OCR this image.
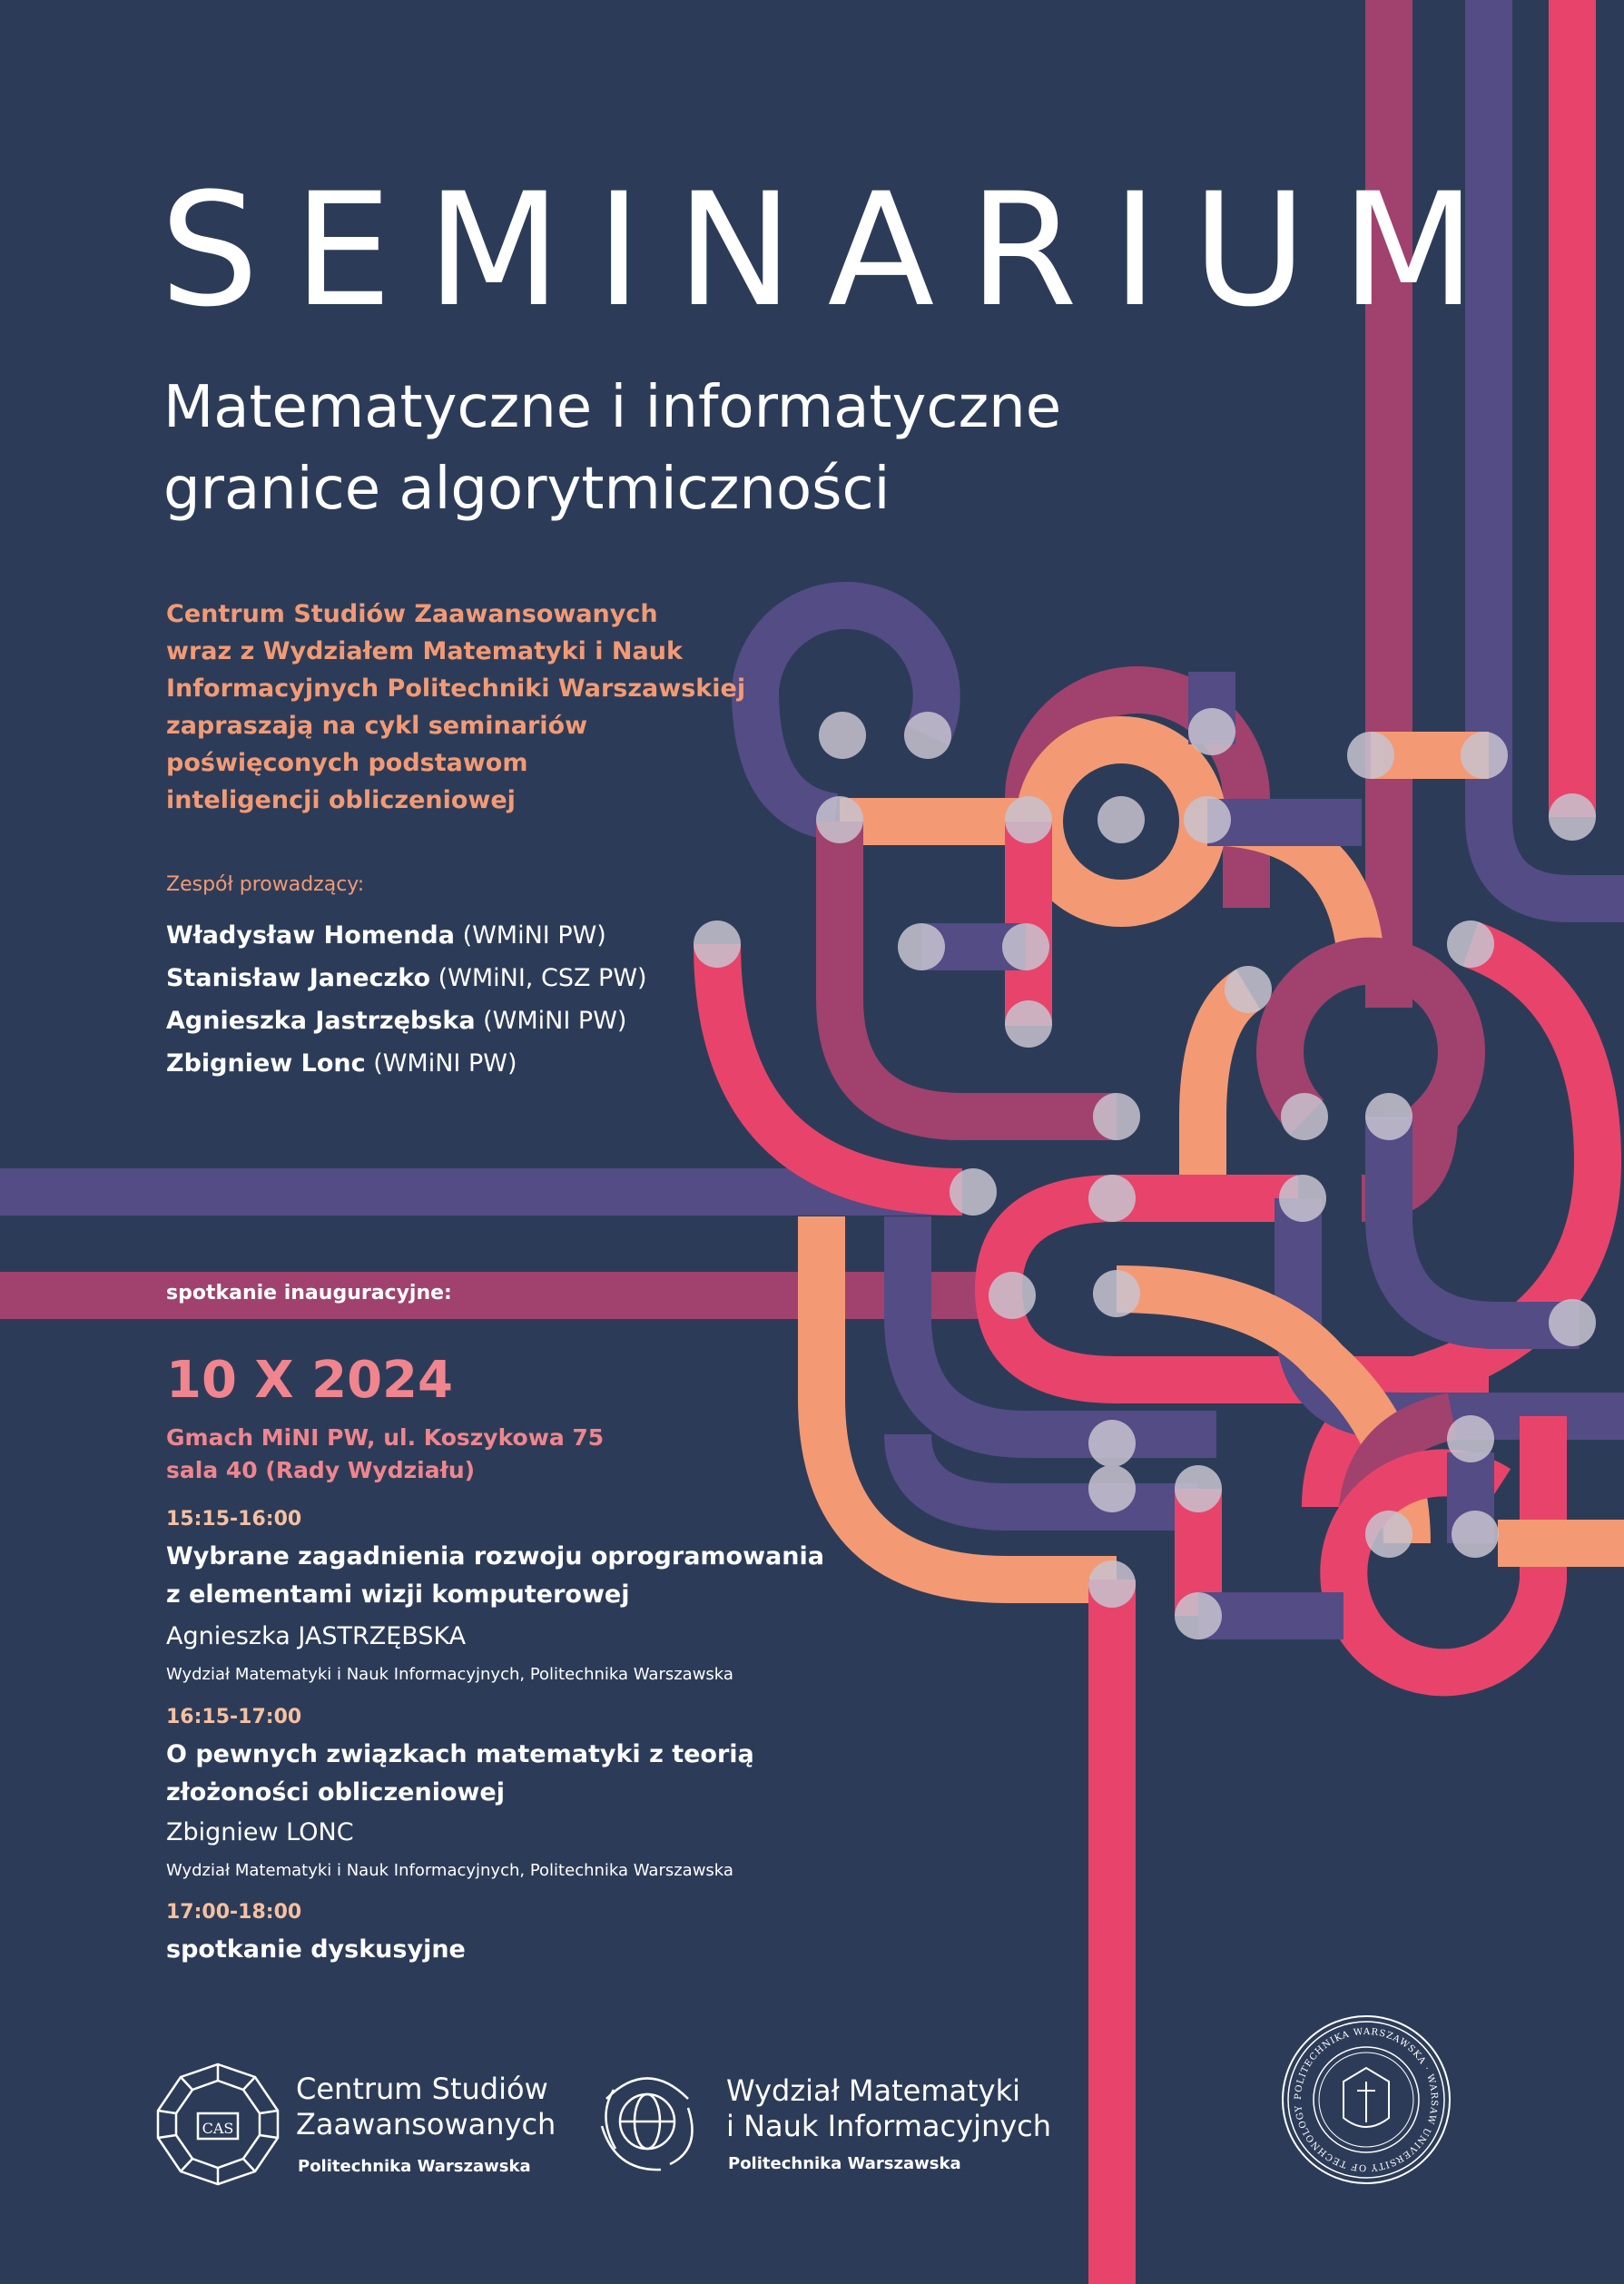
SEMINARIUM
Matematyczne i informatyczne
granice algorytmiczności
Centrum Studiów Zaawansowanych
wraz z Wydziałem Matematyki i Nauk
Informacyjnych Politechniki Warszawskiej
zapraszają na cykl seminariów
poświęconych podstawom
inteligencji obliczeniowej
Zespół prowadzący:
Władysław Homenda (WMiNI PW)
Stanisław Janeczko (WMiNI, CSZ PW)
Agnieszka Jastrzębska (WMiNI PW)
Zbigniew Lonc (WMiNI PW)
spotkanie inauguracyjne:
10 X 2024
Gmach MiNI PW, ul. Koszykowa 75
sala 40 (Rady Wydziału)
15:15-16:00
Wybrane zagadnienia rozwoju oprogramowania
z elementami wizji komputerowej
Agnieszka JASTRZĘBSKA
Wydział Matematyki i Nauk Informacyjnych, Politechnika Warszawska
16:15-17:00
O pewnych związkach matematyki z teorią
złożoności obliczeniowej
Zbigniew LONC
Wydział Matematyki i Nauk Informacyjnych, Politechnika Warszawska
17:00-18:00
spotkanie dyskusyjne	www.csz.pw.edu.pl
CAS
Centrum Studiów
Zaawansowanych
Politechnika Warszawska
Wydział Matematyki
i Nauk Informacyjnych
Politechnika Warszawska
POLITECHNIKA WARSZAWSKA · WARSAW UNIVERSITY OF TECHNOLOGY
